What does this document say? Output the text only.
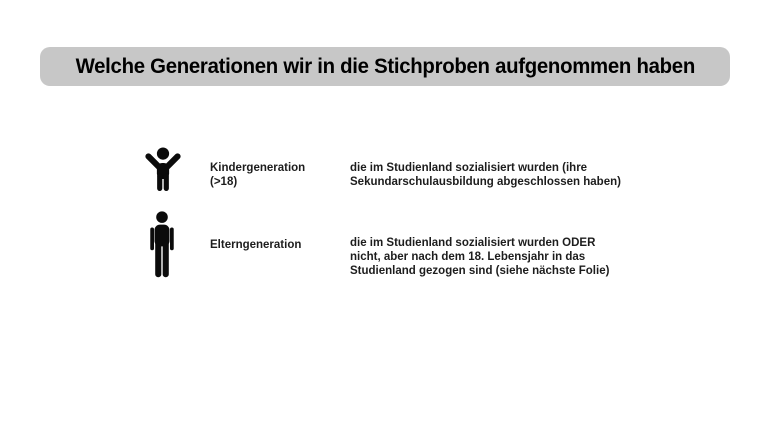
Welche Generationen wir in die Stichproben aufgenommen haben
Kindergeneration
(>18)
die im Studienland sozialisiert wurden (ihre
Sekundarschulausbildung abgeschlossen haben)
Elterngeneration	die im Studienland sozialisiert wurden ODER
nicht, aber nach dem 18. Lebensjahr in das
Studienland gezogen sind (siehe nächste Folie)
